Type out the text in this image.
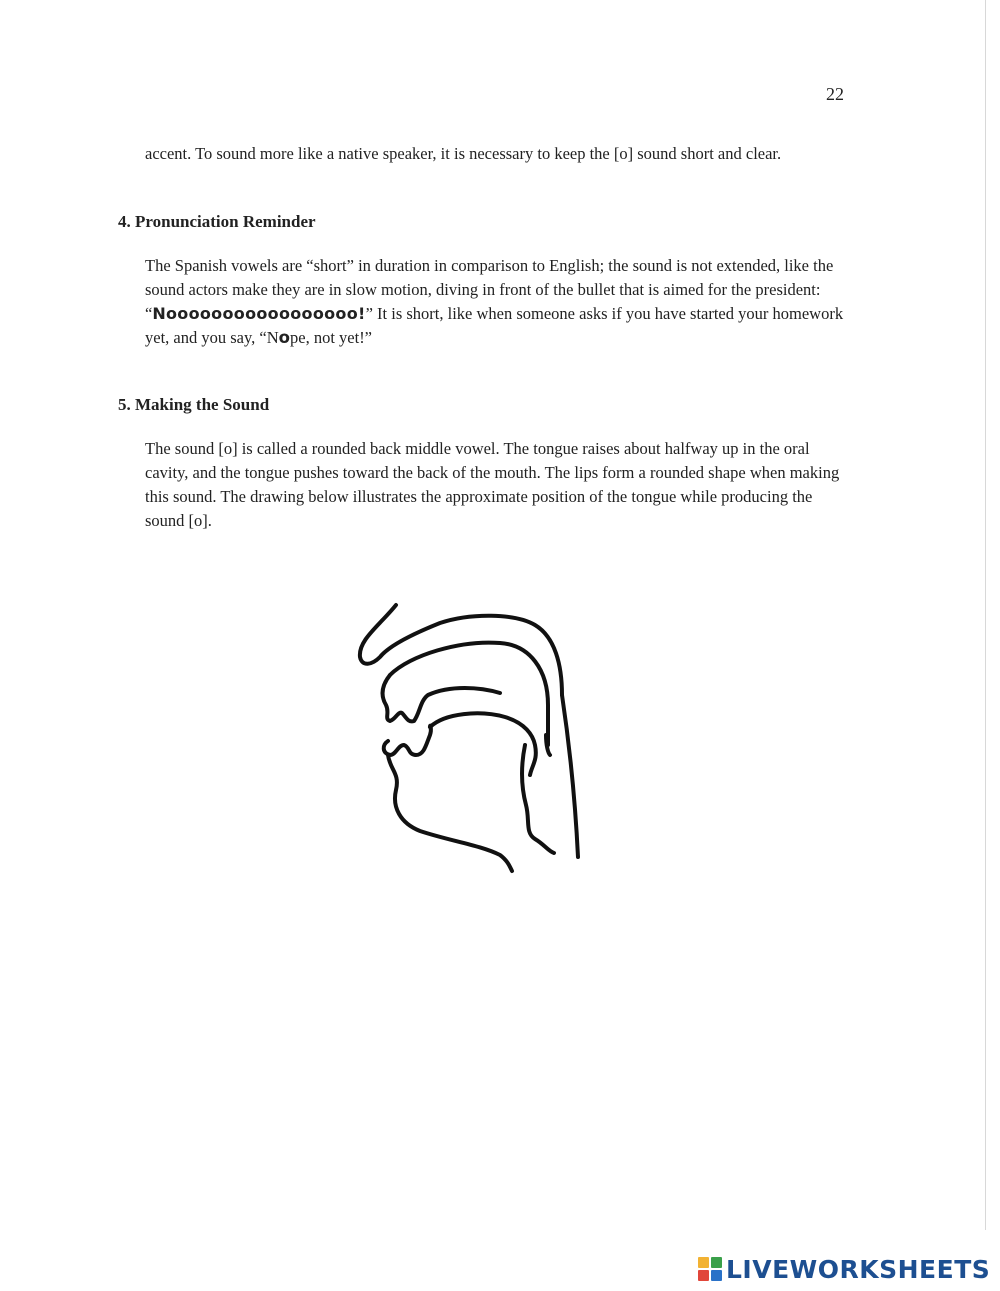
22

accent. To sound more like a native speaker, it is necessary to keep the [o] sound short and clear.

4. Pronunciation Reminder

The Spanish vowels are “short” in duration in comparison to English; the sound is not extended, like the sound actors make they are in slow motion, diving in front of the bullet that is aimed for the president: “Nooooooooooooooooo!” It is short, like when someone asks if you have started your homework yet, and you say, “Nope, not yet!”

5. Making the Sound

The sound [o] is called a rounded back middle vowel. The tongue raises about halfway up in the oral cavity, and the tongue pushes toward the back of the mouth. The lips form a rounded shape when making this sound. The drawing below illustrates the approximate position of the tongue while producing the sound [o].

LIVEWORKSHEETS
